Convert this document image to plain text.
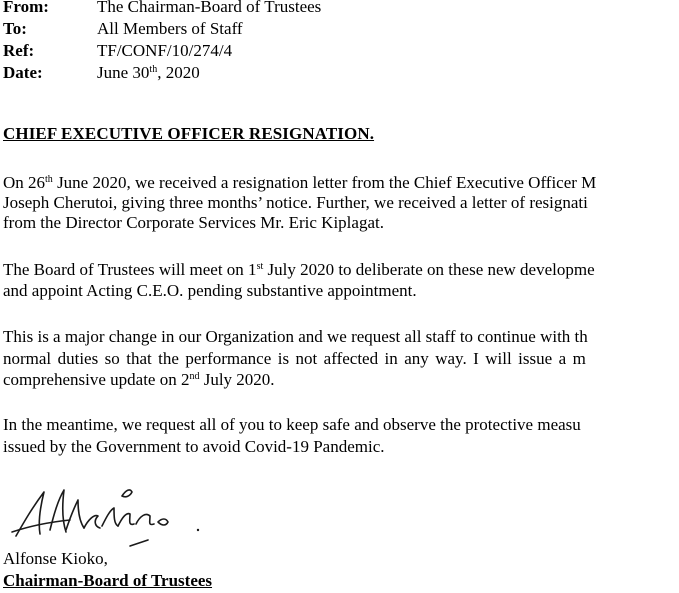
From:	The Chairman-Board of Trustees
To:	All Members of Staff
Ref:	TF/CONF/10/274/4
Date:	June 30th, 2020
CHIEF EXECUTIVE OFFICER RESIGNATION.
On 26th June 2020, we received a resignation letter from the Chief Executive Officer M
Joseph Cherutoi, giving three months’ notice. Further, we received a letter of resignati
from the Director Corporate Services Mr. Eric Kiplagat.
The Board of Trustees will meet on 1st July 2020 to deliberate on these new developme
and appoint Acting C.E.O. pending substantive appointment.
This is a major change in our Organization and we request all staff to continue with th
normal duties so that the performance is not affected in any way. I will issue a m
comprehensive update on 2nd July 2020.
In the meantime, we request all of you to keep safe and observe the protective measu
issued by the Government to avoid Covid-19 Pandemic.
Alfonse Kioko,
Chairman-Board of Trustees
